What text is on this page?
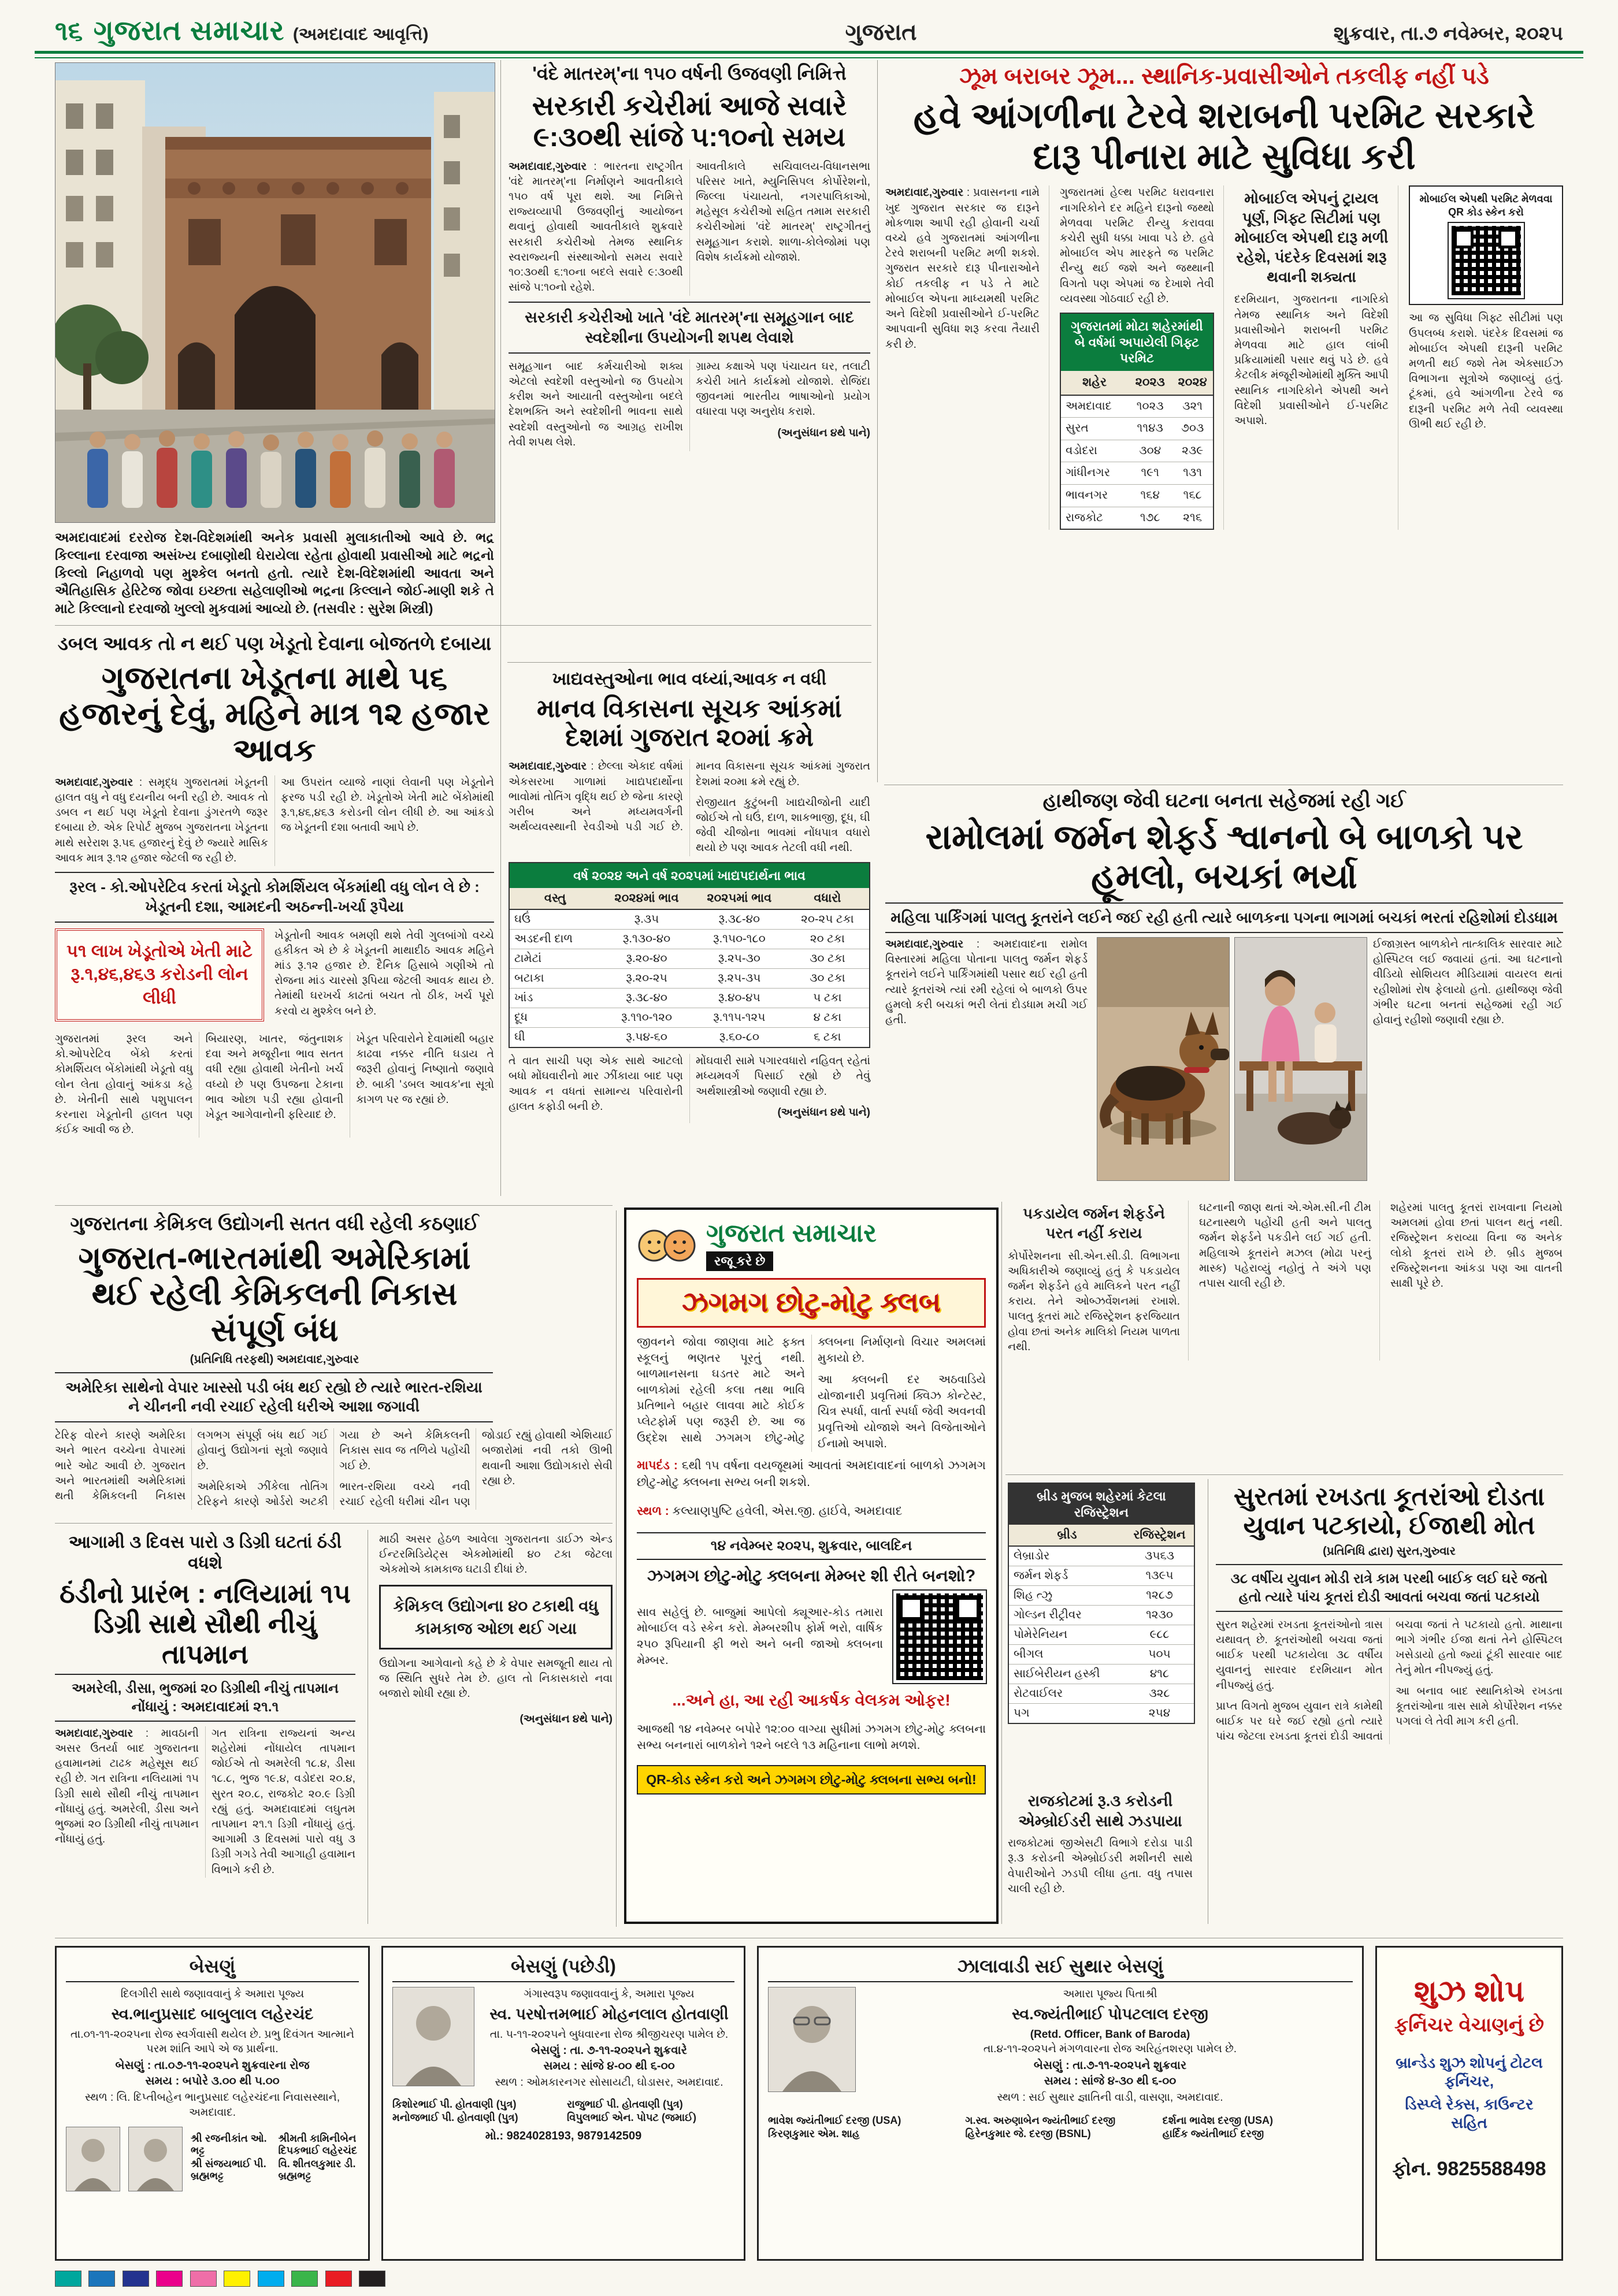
૧૬ ગુજરાત સમાચાર (અમદાવાદ આવૃત્તિ)	ગુજરાત	શુક્રવાર, તા.૭ નવેમ્બર, ૨૦૨૫
અમદાવાદમાં દરરોજ દેશ-વિદેશમાંથી અનેક પ્રવાસી મુલાકાતીઓ આવે છે. ભદ્ર કિલ્લાના દરવાજા અસંખ્ય દબાણોથી ઘેરાયેલા રહેતા હોવાથી પ્રવાસીઓ માટે ભદ્રનો કિલ્લો નિહાળવો પણ મુશ્કેલ બનતો હતો. ત્યારે દેશ-વિદેશમાંથી આવતા અને ઐતિહાસિક હેરિટેજ જોવા ઇચ્છતા સહેલાણીઓ ભદ્રના કિલ્લાને જોઈ-માણી શકે તે માટે કિલ્લાનો દરવાજો ખુલ્લો મુકવામાં આવ્યો છે. (તસવીર : સુરેશ મિસ્ત્રી)
'વંદે માતરમ્'ના ૧૫૦ વર્ષની ઉજવણી નિમિત્તે
સરકારી કચેરીમાં આજે સવારે ૯:૩૦થી સાંજે ૫:૧૦નો સમય

અમદાવાદ,ગુરુવાર : ભારતના રાષ્ટ્રગીત 'વંદે માતરમ્'ના નિર્માણને આવતીકાલે ૧૫૦ વર્ષ પૂરા થશે. આ નિમિત્તે રાજ્યવ્યાપી ઉજવણીનું આયોજન થવાનું હોવાથી આવતીકાલે શુક્રવારે સરકારી કચેરીઓ તેમજ સ્થાનિક સ્વરાજ્યની સંસ્થાઓનો સમય સવારે ૧૦:૩૦થી ૬:૧૦ના બદલે સવારે ૯:૩૦થી સાંજે ૫:૧૦નો રહેશે.

આવતીકાલે સચિવાલય-વિધાનસભા પરિસર ખાતે, મ્યુનિસિપલ કોર્પોરેશનો, જિલ્લા પંચાયતો, નગરપાલિકાઓ, મહેસૂલ કચેરીઓ સહિત તમામ સરકારી કચેરીઓમાં 'વંદે માતરમ્' રાષ્ટ્રગીતનું સમૂહગાન કરાશે. શાળા-કોલેજોમાં પણ વિશેષ કાર્યક્રમો યોજાશે.

સરકારી કચેરીઓ ખાતે 'વંદે માતરમ્'ના સમૂહગાન બાદ સ્વદેશીના ઉપયોગની શપથ લેવાશે

સમૂહગાન બાદ કર્મચારીઓ શક્ય એટલો સ્વદેશી વસ્તુઓનો જ ઉપયોગ કરીશ અને આયાતી વસ્તુઓના બદલે દેશભક્તિ અને સ્વદેશીની ભાવના સાથે સ્વદેશી વસ્તુઓનો જ આગ્રહ રાખીશ તેવી શપથ લેશે.

ગ્રામ્ય કક્ષાએ પણ પંચાયત ઘર, તલાટી કચેરી ખાતે કાર્યક્રમો યોજાશે. રોજિંદા જીવનમાં ભારતીય ભાષાઓનો પ્રયોગ વધારવા પણ અનુરોધ કરાશે.

(અનુસંધાન ૪થે પાને)

ઝૂમ બરાબર ઝૂમ... સ્થાનિક-પ્રવાસીઓને તકલીફ નહીં પડે
હવે આંગળીના ટેરવે શરાબની પરમિટ સરકારે દારૂ પીનારા માટે સુવિધા કરી

અમદાવાદ,ગુરુવાર : પ્રવાસનના નામે ખુદ ગુજરાત સરકાર જ દારૂને મોકળાશ આપી રહી હોવાની ચર્ચા વચ્ચે હવે ગુજરાતમાં આંગળીના ટેરવે શરાબની પરમિટ મળી શકશે. ગુજરાત સરકારે દારૂ પીનારાઓને કોઈ તકલીફ ન પડે તે માટે મોબાઈલ એપના માધ્યમથી પરમિટ અને વિદેશી પ્રવાસીઓને ઈ-પરમિટ આપવાની સુવિધા શરૂ કરવા તૈયારી કરી છે.

ગુજરાતમાં હેલ્થ પરમિટ ધરાવનારા નાગરિકોને દર મહિને દારૂનો જથ્થો મેળવવા પરમિટ રીન્યુ કરાવવા કચેરી સુધી ધક્કા ખાવા પડે છે. હવે મોબાઈલ એપ મારફતે જ પરમિટ રીન્યુ થઈ જશે અને જથ્થાની વિગતો પણ એપમાં જ દેખાશે તેવી વ્યવસ્થા ગોઠવાઈ રહી છે.

ગુજરાતમાં મોટા શહેરમાંથી બે વર્ષમાં અપાયેલી ગિફ્ટ પરમિટ
શહેર	૨૦૨૩	૨૦૨૪
અમદાવાદ	૧૦૨૩	૩૨૧
સુરત	૧૧૪૩	૭૦૩
વડોદરા	૩૦૪	૨૩૯
ગાંધીનગર	૧૯૧	૧૩૧
ભાવનગર	૧૬૪	૧૬૮
રાજકોટ	૧૭૮	૨૧૬
મોબાઈલ એપનું ટ્રાયલ પૂર્ણ, ગિફ્ટ સિટીમાં પણ મોબાઈલ એપથી દારૂ મળી રહેશે, પંદરેક દિવસમાં શરૂ થવાની શક્યતા

દરમિયાન, ગુજરાતના નાગરિકો તેમજ સ્થાનિક અને વિદેશી પ્રવાસીઓને શરાબની પરમિટ મેળવવા માટે હાલ લાંબી પ્રક્રિયામાંથી પસાર થવું પડે છે. હવે કેટલીક મંજૂરીઓમાંથી મુક્તિ આપી સ્થાનિક નાગરિકોને એપથી અને વિદેશી પ્રવાસીઓને ઈ-પરમિટ અપાશે.

મોબાઈલ એપથી પરમિટ મેળવવા QR કોડ સ્કેન કરો

આ જ સુવિધા ગિફ્ટ સીટીમાં પણ ઉપલબ્ધ કરાશે. પંદરેક દિવસમાં જ મોબાઈલ એપથી દારૂની પરમિટ મળતી થઈ જશે તેમ એક્સાઈઝ વિભાગના સૂત્રોએ જણાવ્યું હતું. ટૂંકમાં, હવે આંગળીના ટેરવે જ દારૂની પરમિટ મળે તેવી વ્યવસ્થા ઊભી થઈ રહી છે.

ડબલ આવક તો ન થઈ પણ ખેડૂતો દેવાના બોજતળે દબાયા
ગુજરાતના ખેડૂતના માથે ૫૬ હજારનું દેવું, મહિને માત્ર ૧૨ હજાર આવક

અમદાવાદ,ગુરુવાર : સમૃદ્ધ ગુજરાતમાં ખેડૂતની હાલત વધુ ને વધુ દયનીય બની રહી છે. આવક તો ડબલ ન થઈ પણ ખેડૂતો દેવાના ડુંગરતળે જરૂર દબાયા છે. એક રિપોર્ટ મુજબ ગુજરાતના ખેડૂતના માથે સરેરાશ રૂ.૫૬ હજારનું દેવું છે જ્યારે માસિક આવક માત્ર રૂ.૧૨ હજાર જેટલી જ રહી છે.

આ ઉપરાંત વ્યાજે નાણાં લેવાની પણ ખેડૂતોને ફરજ પડી રહી છે. ખેડૂતોએ ખેતી માટે બેંકોમાંથી રૂ.૧,૪૬,૪૬૩ કરોડની લોન લીધી છે. આ આંકડો જ ખેડૂતની દશા બતાવી આપે છે.

રૂરલ - કો.ઓપરેટિવ કરતાં ખેડૂતો કોમર્શિયલ બેંકમાંથી વધુ લોન લે છે : ખેડૂતની દશા, આમદની અઠન્ની-ખર્ચા રૂપૈયા
૫૧ લાખ ખેડૂતોએ ખેતી માટે રૂ.૧,૪૬,૪૬૩ કરોડની લોન લીધી

ખેડૂતોની આવક બમણી થશે તેવી ગુલબાંગો વચ્ચે હકીકત એ છે કે ખેડૂતની માથાદીઠ આવક મહિને માંડ રૂ.૧૨ હજાર છે. દૈનિક હિસાબે ગણીએ તો રોજના માંડ ચારસો રૂપિયા જેટલી આવક થાય છે. તેમાંથી ઘરખર્ચ કાઢતાં બચત તો ઠીક, ખર્ચ પૂરો કરવો ય મુશ્કેલ બને છે.

ગુજરાતમાં રૂરલ અને કો.ઓપરેટિવ બેંકો કરતાં કોમર્શિયલ બેંકોમાંથી ખેડૂતો વધુ લોન લેતા હોવાનું આંકડા કહે છે. ખેતીની સાથે પશુપાલન કરનારા ખેડૂતોની હાલત પણ કંઈક આવી જ છે.

બિયારણ, ખાતર, જંતુનાશક દવા અને મજૂરીના ભાવ સતત વધી રહ્યા હોવાથી ખેતીનો ખર્ચ વધ્યો છે પણ ઉપજના ટેકાના ભાવ ઓછા પડી રહ્યા હોવાની ખેડૂત આગેવાનોની ફરિયાદ છે.

ખેડૂત પરિવારોને દેવામાંથી બહાર કાઢવા નક્કર નીતિ ઘડાય તે જરૂરી હોવાનું નિષ્ણાતો જણાવે છે. બાકી 'ડબલ આવક'ના સૂત્રો કાગળ પર જ રહ્યાં છે.

ખાદ્યવસ્તુઓના ભાવ વધ્યાં,આવક ન વધી
માનવ વિકાસના સૂચક આંકમાં દેશમાં ગુજરાત ૨૦માં ક્રમે

અમદાવાદ,ગુરુવાર : છેલ્લા એકાદ વર્ષમાં એકસરખા ગાળામાં ખાદ્યપદાર્થોના ભાવોમાં તોતિંગ વૃદ્ધિ થઈ છે જેના કારણે ગરીબ અને મધ્યમવર્ગની અર્થવ્યવસ્થાની રેવડીઓ પડી ગઈ છે. માનવ વિકાસના સૂચક આંકમાં ગુજરાત દેશમાં ૨૦મા ક્રમે રહ્યું છે.

રોજીયાત કુટુંબની ખાદ્યચીજોની યાદી જોઈએ તો ઘઉં, દાળ, શાકભાજી, દૂધ, ઘી જેવી ચીજોના ભાવમાં નોંધપાત્ર વધારો થયો છે પણ આવક તેટલી વધી નથી.

વર્ષ ૨૦૨૪ અને વર્ષ ૨૦૨૫માં ખાદ્યપદાર્થના ભાવ
વસ્તુ	૨૦૨૪માં ભાવ	૨૦૨૫માં ભાવ	વધારો
ઘઉં	રૂ.૩૫	રૂ.૩૮-૪૦	૨૦-૨૫ ટકા
અડદની દાળ	રૂ.૧૩૦-૪૦	રૂ.૧૫૦-૧૮૦	૨૦ ટકા
ટામેટાં	રૂ.૨૦-૪૦	રૂ.૨૫-૩૦	૩૦ ટકા
બટાકા	રૂ.૨૦-૨૫	રૂ.૨૫-૩૫	૩૦ ટકા
ખાંડ	રૂ.૩૮-૪૦	રૂ.૪૦-૪૫	૫ ટકા
દૂધ	રૂ.૧૧૦-૧૨૦	રૂ.૧૧૫-૧૨૫	૪ ટકા
ઘી	રૂ.૫૪-૬૦	રૂ.૬૦-૮૦	૬ ટકા

તે વાત સાચી પણ એક સાથે આટલો બધો મોંઘવારીનો માર ઝીંકાયા બાદ પણ આવક ન વધતાં સામાન્ય પરિવારોની હાલત કફોડી બની છે.

મોંઘવારી સામે પગારવધારો નહિવત્ રહેતાં મધ્યમવર્ગ પિસાઈ રહ્યો છે તેવું અર્થશાસ્ત્રીઓ જણાવી રહ્યા છે.

(અનુસંધાન ૪થે પાને)

હાથીજણ જેવી ઘટના બનતા સહેજમાં રહી ગઈ
રામોલમાં જર્મન શેફર્ડ શ્વાનનો બે બાળકો પર હૂમલો, બચકાં ભર્યા
મહિલા પાર્કિંગમાં પાલતુ કૂતરાંને લઈને જઈ રહી હતી ત્યારે બાળકના પગના ભાગમાં બચકાં ભરતાં રહિશોમાં દોડધામ

અમદાવાદ,ગુરુવાર : અમદાવાદના રામોલ વિસ્તારમાં મહિલા પોતાના પાલતુ જર્મન શેફર્ડ કૂતરાંને લઈને પાર્કિંગમાંથી પસાર થઈ રહી હતી ત્યારે કૂતરાંએ ત્યાં રમી રહેલાં બે બાળકો ઉપર હુમલો કરી બચકાં ભરી લેતાં દોડધામ મચી ગઈ હતી.

ઈજાગ્રસ્ત બાળકોને તાત્કાલિક સારવાર માટે હોસ્પિટલ લઈ જવાયાં હતાં. આ ઘટનાનો વીડિયો સોશિયલ મીડિયામાં વાયરલ થતાં રહીશોમાં રોષ ફેલાયો હતો. હાથીજણ જેવી ગંભીર ઘટના બનતાં સહેજમાં રહી ગઈ હોવાનું રહીશો જણાવી રહ્યા છે.

પકડાયેલ જર્મન શેફર્ડને પરત નહીં કરાય

કોર્પોરેશનના સી.એન.સી.ડી. વિભાગના અધિકારીએ જણાવ્યું હતું કે પકડાયેલ જર્મન શેફર્ડને હવે માલિકને પરત નહીં કરાય. તેને ઓબ્ઝર્વેશનમાં રખાશે. પાલતુ કૂતરાં માટે રજિસ્ટ્રેશન ફરજિયાત હોવા છતાં અનેક માલિકો નિયમ પાળતા નથી.

ઘટનાની જાણ થતાં એ.એમ.સી.ની ટીમ ઘટનાસ્થળે પહોંચી હતી અને પાલતુ જર્મન શેફર્ડને પકડીને લઈ ગઈ હતી. મહિલાએ કૂતરાંને મઝલ (મોઢા પરનું માસ્ક) પહેરાવ્યું નહોતું તે અંગે પણ તપાસ ચાલી રહી છે.

શહેરમાં પાલતુ કૂતરાં રાખવાના નિયમો અમલમાં હોવા છતાં પાલન થતું નથી. રજિસ્ટ્રેશન કરાવ્યા વિના જ અનેક લોકો કૂતરાં રાખે છે. બ્રીડ મુજબ રજિસ્ટ્રેશનના આંકડા પણ આ વાતની સાક્ષી પૂરે છે.

બ્રીડ મુજબ શહેરમાં કેટલા રજિસ્ટ્રેશન
બ્રીડ	રજિસ્ટ્રેશન
લેબ્રાડોર	૩૫૬૩
જર્મન શેફર્ડ	૧૩૯૫
શિહ ત્ઝુ	૧૨૮૭
ગોલ્ડન રીટ્રીવર	૧૨૩૦
પોમેરેનિયન	૯૮૮
બીગલ	૫૦૫
સાઈબેરીયન હસ્કી	૪૧૮
રોટવાઈલર	૩૨૮
પગ	૨૫૪
રાજકોટમાં રૂ.૩ કરોડની એમ્બ્રોઈડરી સાથે ઝડપાયા

રાજકોટમાં જીએસટી વિભાગે દરોડા પાડી રૂ.૩ કરોડની એમ્બ્રોઈડરી મશીનરી સાથે વેપારીઓને ઝડપી લીધા હતા. વધુ તપાસ ચાલી રહી છે.

સુરતમાં રખડતા કૂતરાંઓ દોડતા યુવાન પટકાયો, ઈજાથી મોત
(પ્રતિનિધિ દ્વારા) સુરત,ગુરુવાર
૩૮ વર્ષીય યુવાન મોડી રાત્રે કામ પરથી બાઈક લઈ ઘરે જતો હતો ત્યારે પાંચ કૂતરાં દોડી આવતાં બચવા જતાં પટકાયો

સુરત શહેરમાં રખડતા કૂતરાંઓનો ત્રાસ યથાવત્ છે. કૂતરાંઓથી બચવા જતાં બાઈક પરથી પટકાયેલા ૩૮ વર્ષીય યુવાનનું સારવાર દરમિયાન મોત નીપજ્યું હતું.

પ્રાપ્ત વિગતો મુજબ યુવાન રાત્રે કામેથી બાઈક પર ઘરે જઈ રહ્યો હતો ત્યારે પાંચ જેટલા રખડતા કૂતરાં દોડી આવતાં બચવા જતાં તે પટકાયો હતો. માથાના ભાગે ગંભીર ઈજા થતાં તેને હોસ્પિટલ ખસેડાયો હતો જ્યાં ટૂંકી સારવાર બાદ તેનું મોત નીપજ્યું હતું.

આ બનાવ બાદ સ્થાનિકોએ રખડતા કૂતરાંઓના ત્રાસ સામે કોર્પોરેશન નક્કર પગલાં લે તેવી માગ કરી હતી.

ગુજરાતના કેમિકલ ઉદ્યોગની સતત વધી રહેલી કઠણાઈ
ગુજરાત-ભારતમાંથી અમેરિકામાં થઈ રહેલી કેમિકલની નિકાસ સંપૂર્ણ બંધ
(પ્રતિનિધિ તરફથી) અમદાવાદ,ગુરુવાર
અમેરિકા સાથેનો વેપાર ખાસ્સો પડી બંધ થઈ રહ્યો છે ત્યારે ભારત-રશિયા ને ચીનની નવી રચાઈ રહેલી ધરીએ આશા જગાવી

ટેરિફ વોરને કારણે અમેરિકા અને ભારત વચ્ચેના વેપારમાં ભારે ઓટ આવી છે. ગુજરાત અને ભારતમાંથી અમેરિકામાં થતી કેમિકલની નિકાસ લગભગ સંપૂર્ણ બંધ થઈ ગઈ હોવાનું ઉદ્યોગનાં સૂત્રો જણાવે છે.

અમેરિકાએ ઝીંકેલા તોતિંગ ટેરિફને કારણે ઓર્ડરો અટકી ગયા છે અને કેમિકલની નિકાસ સાવ જ તળિયે પહોંચી ગઈ છે.

ભારત-રશિયા વચ્ચે નવી રચાઈ રહેલી ધરીમાં ચીન પણ જોડાઈ રહ્યું હોવાથી એશિયાઈ બજારોમાં નવી તકો ઊભી થવાની આશા ઉદ્યોગકારો સેવી રહ્યા છે.

આગામી ૩ દિવસ પારો ૩ ડિગ્રી ઘટતાં ઠંડી વધશે
ઠંડીનો પ્રારંભ : નલિયામાં ૧૫ ડિગ્રી સાથે સૌથી નીચું તાપમાન
અમરેલી, ડીસા, ભુજમાં ૨૦ ડિગ્રીથી નીચું તાપમાન નોંધાયું : અમદાવાદમાં ૨૧.૧

અમદાવાદ,ગુરુવાર : માવઠાની અસર ઉતર્યા બાદ ગુજરાતના હવામાનમાં ટાઢક મહેસૂસ થઈ રહી છે. ગત રાત્રિના નલિયામાં ૧૫ ડિગ્રી સાથે સૌથી નીચું તાપમાન નોંધાયું હતું. અમરેલી, ડીસા અને ભુજમાં ૨૦ ડિગ્રીથી નીચું તાપમાન નોંધાયું હતું.

ગત રાત્રિના રાજ્યનાં અન્ય શહેરોમાં નોંધાયેલ તાપમાન જોઈએ તો અમરેલી ૧૮.૪, ડીસા ૧૮.૮, ભુજ ૧૯.૪, વડોદરા ૨૦.૪, સુરત ૨૦.૮, રાજકોટ ૨૦.૯ ડિગ્રી રહ્યું હતું. અમદાવાદમાં લઘુતમ તાપમાન ૨૧.૧ ડિગ્રી નોંધાયું હતું. આગામી ૩ દિવસમાં પારો વધુ ૩ ડિગ્રી ગગડે તેવી આગાહી હવામાન વિભાગે કરી છે.

માઠી અસર હેઠળ આવેલા ગુજરાતના ડાઈઝ એન્ડ ઈન્ટરમિડિયેટ્સ એકમોમાંથી ૪૦ ટકા જેટલા એકમોએ કામકાજ ઘટાડી દીધાં છે.

કેમિકલ ઉદ્યોગના ૪૦ ટકાથી વધુ કામકાજ ઓછા થઈ ગયા

ઉદ્યોગના આગેવાનો કહે છે કે વેપાર સમજૂતી થાય તો જ સ્થિતિ સુધરે તેમ છે. હાલ તો નિકાસકારો નવા બજારો શોધી રહ્યા છે.

(અનુસંધાન ૪થે પાને)

ગુજરાત સમાચાર
રજૂ કરે છે
ઝગમગ છોટુ-મોટુ ક્લબ

જીવનને જોવા જાણવા માટે ફક્ત સ્કૂલનું ભણતર પૂરતું નથી. બાળમાનસના ઘડતર માટે અને બાળકોમાં રહેલી કલા તથા ભાવિ પ્રતિભાને બહાર લાવવા માટે કોઈક પ્લેટફોર્મ પણ જરૂરી છે. આ જ ઉદ્દેશ સાથે ઝગમગ છોટુ-મોટુ ક્લબના નિર્માણનો વિચાર અમલમાં મુકાયો છે.

આ ક્લબની દર અઠવાડિયે યોજાનારી પ્રવૃત્તિમાં ક્વિઝ કોન્ટેસ્ટ, ચિત્ર સ્પર્ધા, વાર્તા સ્પર્ધા જેવી અવનવી પ્રવૃત્તિઓ યોજાશે અને વિજેતાઓને ઈનામો અપાશે.

માપદંડ : ૬થી ૧૫ વર્ષના વયજૂથમાં આવતાં અમદાવાદનાં બાળકો ઝગમગ છોટુ-મોટુ ક્લબના સભ્ય બની શકશે.

સ્થળ : કલ્યાણપુષ્ટિ હવેલી, એસ.જી. હાઈવે, અમદાવાદ

૧૪ નવેમ્બર ૨૦૨૫, શુક્રવાર, બાલદિન
ઝગમગ છોટુ-મોટુ ક્લબના મેમ્બર શી રીતે બનશો?

સાવ સહેલું છે. બાજુમાં આપેલો ક્યૂઆર-કોડ તમારા મોબાઈલ વડે સ્કેન કરો. મેમ્બરશીપ ફોર્મ ભરો, વાર્ષિક ૨૫૦ રૂપિયાની ફી ભરો અને બની જાઓ ક્લબના મેમ્બર.

...અને હા, આ રહી આકર્ષક વેલકમ ઓફર!

આજથી ૧૪ નવેમ્બર બપોરે ૧૨:૦૦ વાગ્યા સુધીમાં ઝગમગ છોટુ-મોટુ ક્લબના સભ્ય બનનારાં બાળકોને ૧૨ને બદલે ૧૩ મહિનાના લાભો મળશે.

QR-કોડ સ્કેન કરો અને ઝગમગ છોટુ-મોટુ ક્લબના સભ્ય બનો!
બેસણું
દિલગીરી સાથે જણાવવાનું કે અમારા પૂજ્ય
સ્વ.ભાનુપ્રસાદ બાબુલાલ લહેરચંદ
તા.૦૧-૧૧-૨૦૨૫ના રોજ સ્વર્ગવાસી થયેલ છે. પ્રભુ દિવંગત આત્માને પરમ શાંતિ આપે એ જ પ્રાર્થના.
બેસણું : તા.૦૭-૧૧-૨૦૨૫ને શુક્રવારના રોજ
સમય : બપોરે ૩.૦૦ થી ૫.૦૦
સ્થળ : લિ. દિપ્તીબહેન ભાનુપ્રસાદ લહેરચંદના નિવાસસ્થાને, અમદાવાદ.
શ્રી રજનીકાંત ઓ. ભટ્ટ
શ્રીમતી કામિનીબેન દિપકભાઈ લહેરચંદ
શ્રી સંજયભાઈ પી. બ્રહ્મભટ્ટ
વિ. શીતલકુમાર ડી. બ્રહ્મભટ્ટ
બેસણું (પછેડી)
ગંગાસ્વરૂપ જણાવવાનું કે, અમારા પૂજ્ય
સ્વ. પરષોત્તમભાઈ મોહનલાલ હોતવાણી
તા. ૫-૧૧-૨૦૨૫ને બુધવારના રોજ શ્રીજીચરણ પામેલ છે.
બેસણું : તા. ૭-૧૧-૨૦૨૫ને શુક્રવારે
સમય : સાંજે ૪-૦૦ થી ૬-૦૦
સ્થળ : ઓમકારનગર સોસાયટી, ઘોડાસર, અમદાવાદ.
કિશોરભાઈ પી. હોતવાણી (પુત્ર)	રાજુભાઈ પી. હોતવાણી (પુત્ર)
મનોજભાઈ પી. હોતવાણી (પુત્ર)	વિપુલભાઈ એન. પોપટ (જમાઈ)
મો.: 9824028193, 9879142509
ઝાલાવાડી સઈ સુથાર બેસણું
અમારા પૂજ્ય પિતાશ્રી
સ્વ.જ્યંતીભાઈ પોપટલાલ દરજી
(Retd. Officer, Bank of Baroda)
તા.૪-૧૧-૨૦૨૫ને મંગળવારના રોજ અરિહંતશરણ પામેલ છે.
બેસણું : તા.૭-૧૧-૨૦૨૫ને શુક્રવાર
સમય : સાંજે ૪-૩૦ થી ૬-૦૦
સ્થળ : સઈ સુથાર જ્ઞાતિની વાડી, વાસણા, અમદાવાદ.
ભાવેશ જ્યંતીભાઈ દરજી (USA)	ગ.સ્વ. અરુણાબેન જ્યંતીભાઈ દરજી	દર્શના ભાવેશ દરજી (USA)
કિરણકુમાર એમ. શાહ	હિરેનકુમાર જે. દરજી (BSNL)	હાર્દિક જ્યંતીભાઈ દરજી
શુઝ શોપ
ફર્નિચર વેચાણનું છે
બ્રાન્ડેડ શુઝ શોપનું ટોટલ ફર્નિચર,
ડિસ્પ્લે રેક્સ, કાઉન્ટર સહિત
ફોન. 9825588498
